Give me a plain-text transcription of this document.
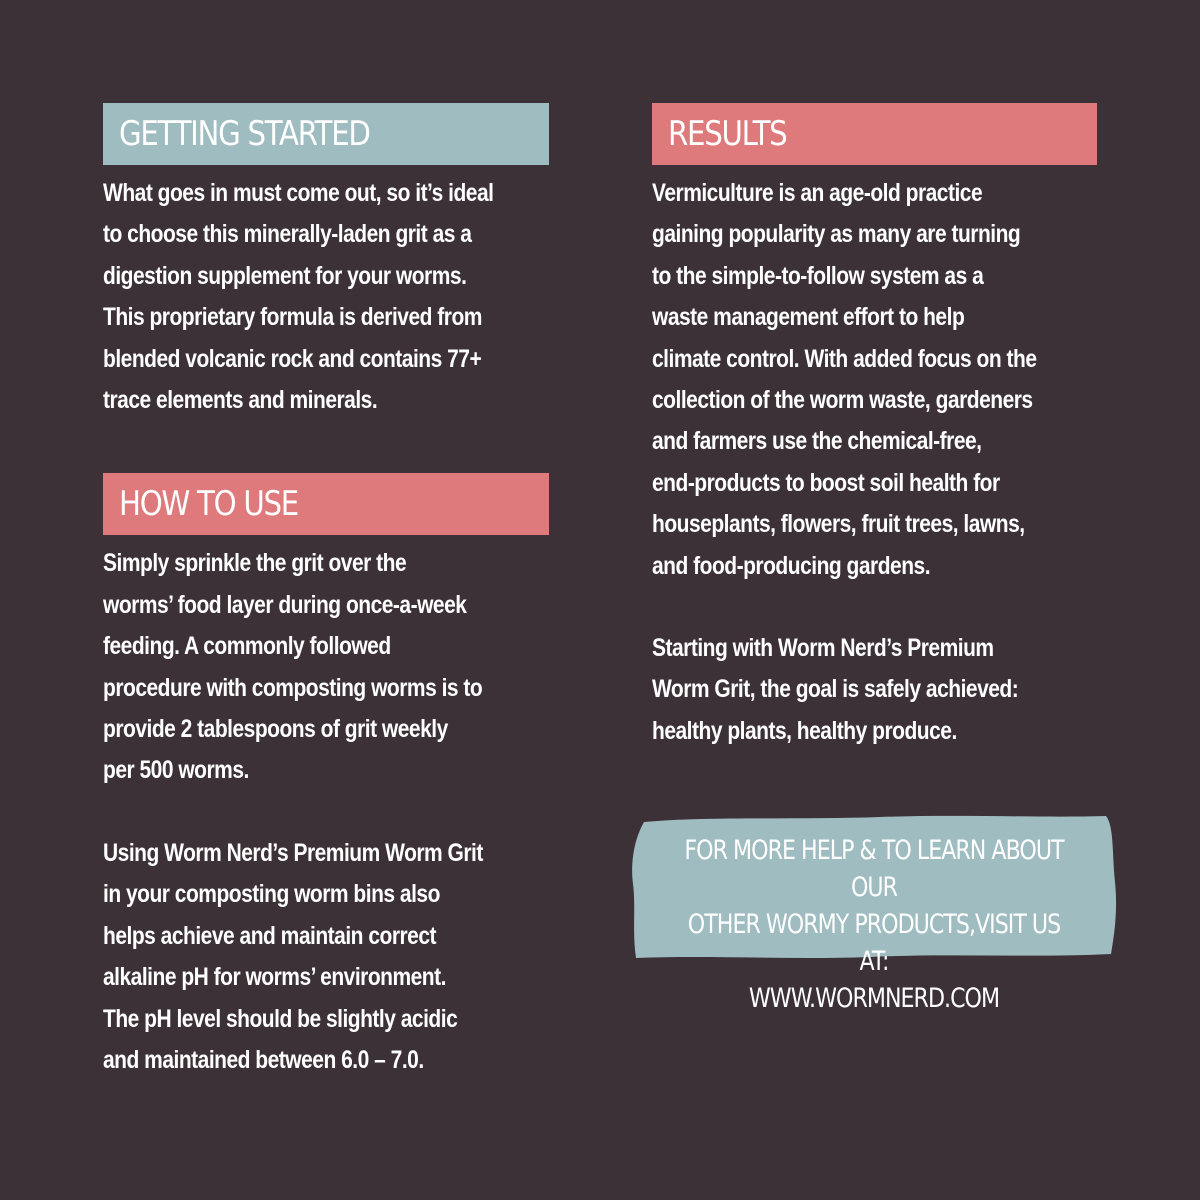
GETTING STARTED
What goes in must come out, so it’s ideal
to choose this minerally-laden grit as a
digestion supplement for your worms.
This proprietary formula is derived from
blended volcanic rock and contains 77+
trace elements and minerals.
HOW TO USE
Simply sprinkle the grit over the
worms’ food layer during once-a-week
feeding. A commonly followed
procedure with composting worms is to
provide 2 tablespoons of grit weekly
per 500 worms.
Using Worm Nerd’s Premium Worm Grit
in your composting worm bins also
helps achieve and maintain correct
alkaline pH for worms’ environment.
The pH level should be slightly acidic
and maintained between 6.0 – 7.0.
RESULTS
Vermiculture is an age-old practice
gaining popularity as many are turning
to the simple-to-follow system as a
waste management effort to help
climate control. With added focus on the
collection of the worm waste, gardeners
and farmers use the chemical-free,
end-products to boost soil health for
houseplants, flowers, fruit trees, lawns,
and food-producing gardens.
Starting with Worm Nerd’s Premium
Worm Grit, the goal is safely achieved:
healthy plants, healthy produce.
FOR MORE HELP & TO LEARN ABOUT OUR
OTHER WORMY PRODUCTS,VISIT US AT:
WWW.WORMNERD.COM
